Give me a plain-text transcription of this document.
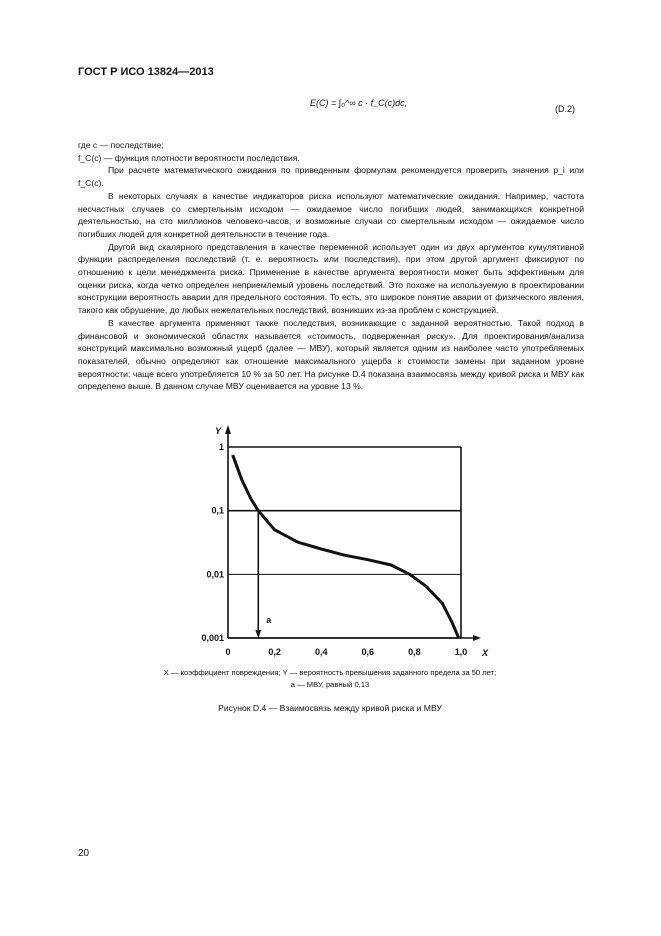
ГОСТ Р ИСО 13824—2013
E(C) = ∫₀^∞ c · f_C(c)dc,
(D.2)

где c — последствие;

f_C(c) — функция плотности вероятности последствия.

При расчете математического ожидания по приведенным формулам рекомендуется проверить значения p_i или f_C(c).

В некоторых случаях в качестве индикаторов риска используют математические ожидания. Например, частота несчастных случаев со смертельным исходом — ожидаемое число погибших людей, занимающихся конкретной деятельностью, на сто миллионов человеко-часов, и возможные случаи со смертельным исходом — ожидаемое число погибших людей для конкретной деятельности в течение года.

Другой вид скалярного представления в качестве переменной использует один из двух аргументов кумулятивной функции распределения последствий (т. е. вероятность или последствия), при этом другой аргумент фиксируют по отношению к цели менеджмента риска. Применение в качестве аргумента вероятности может быть эффективным для оценки риска, когда четко определен неприемлемый уровень последствий. Это похоже на используемую в проектировании конструкции вероятность аварии для предельного состояния. То есть, это широкое понятие аварии от физического явления, такого как обрушение, до любых нежелательных последствий, возникших из-за проблем с конструкцией.

В качестве аргумента применяют также последствия, возникающие с заданной вероятностью. Такой подход в финансовой и экономической областях называется «стоимость, подверженная риску». Для проектирования/анализа конструкций максимально возможный ущерб (далее — МВУ), который является одним из наиболее часто употребляемых показателей, обычно определяют как отношение максимального ущерба к стоимости замены при заданном уровне вероятности: чаще всего употребляется 10 % за 50 лет. На рисунке D.4 показана взаимосвязь между кривой риска и МВУ как определено выше. В данном случае МВУ оценивается на уровне 13 %.

1
0,1
0,01
0,001
Y
X
0	0,2	0,4	0,6	0,8	1,0
a
X — коэффициент повреждения; Y — вероятность превышения заданного предела за 50 лет;
a — МВУ, равный 0,13
Рисунок D.4 — Взаимосвязь между кривой риска и МВУ
20
